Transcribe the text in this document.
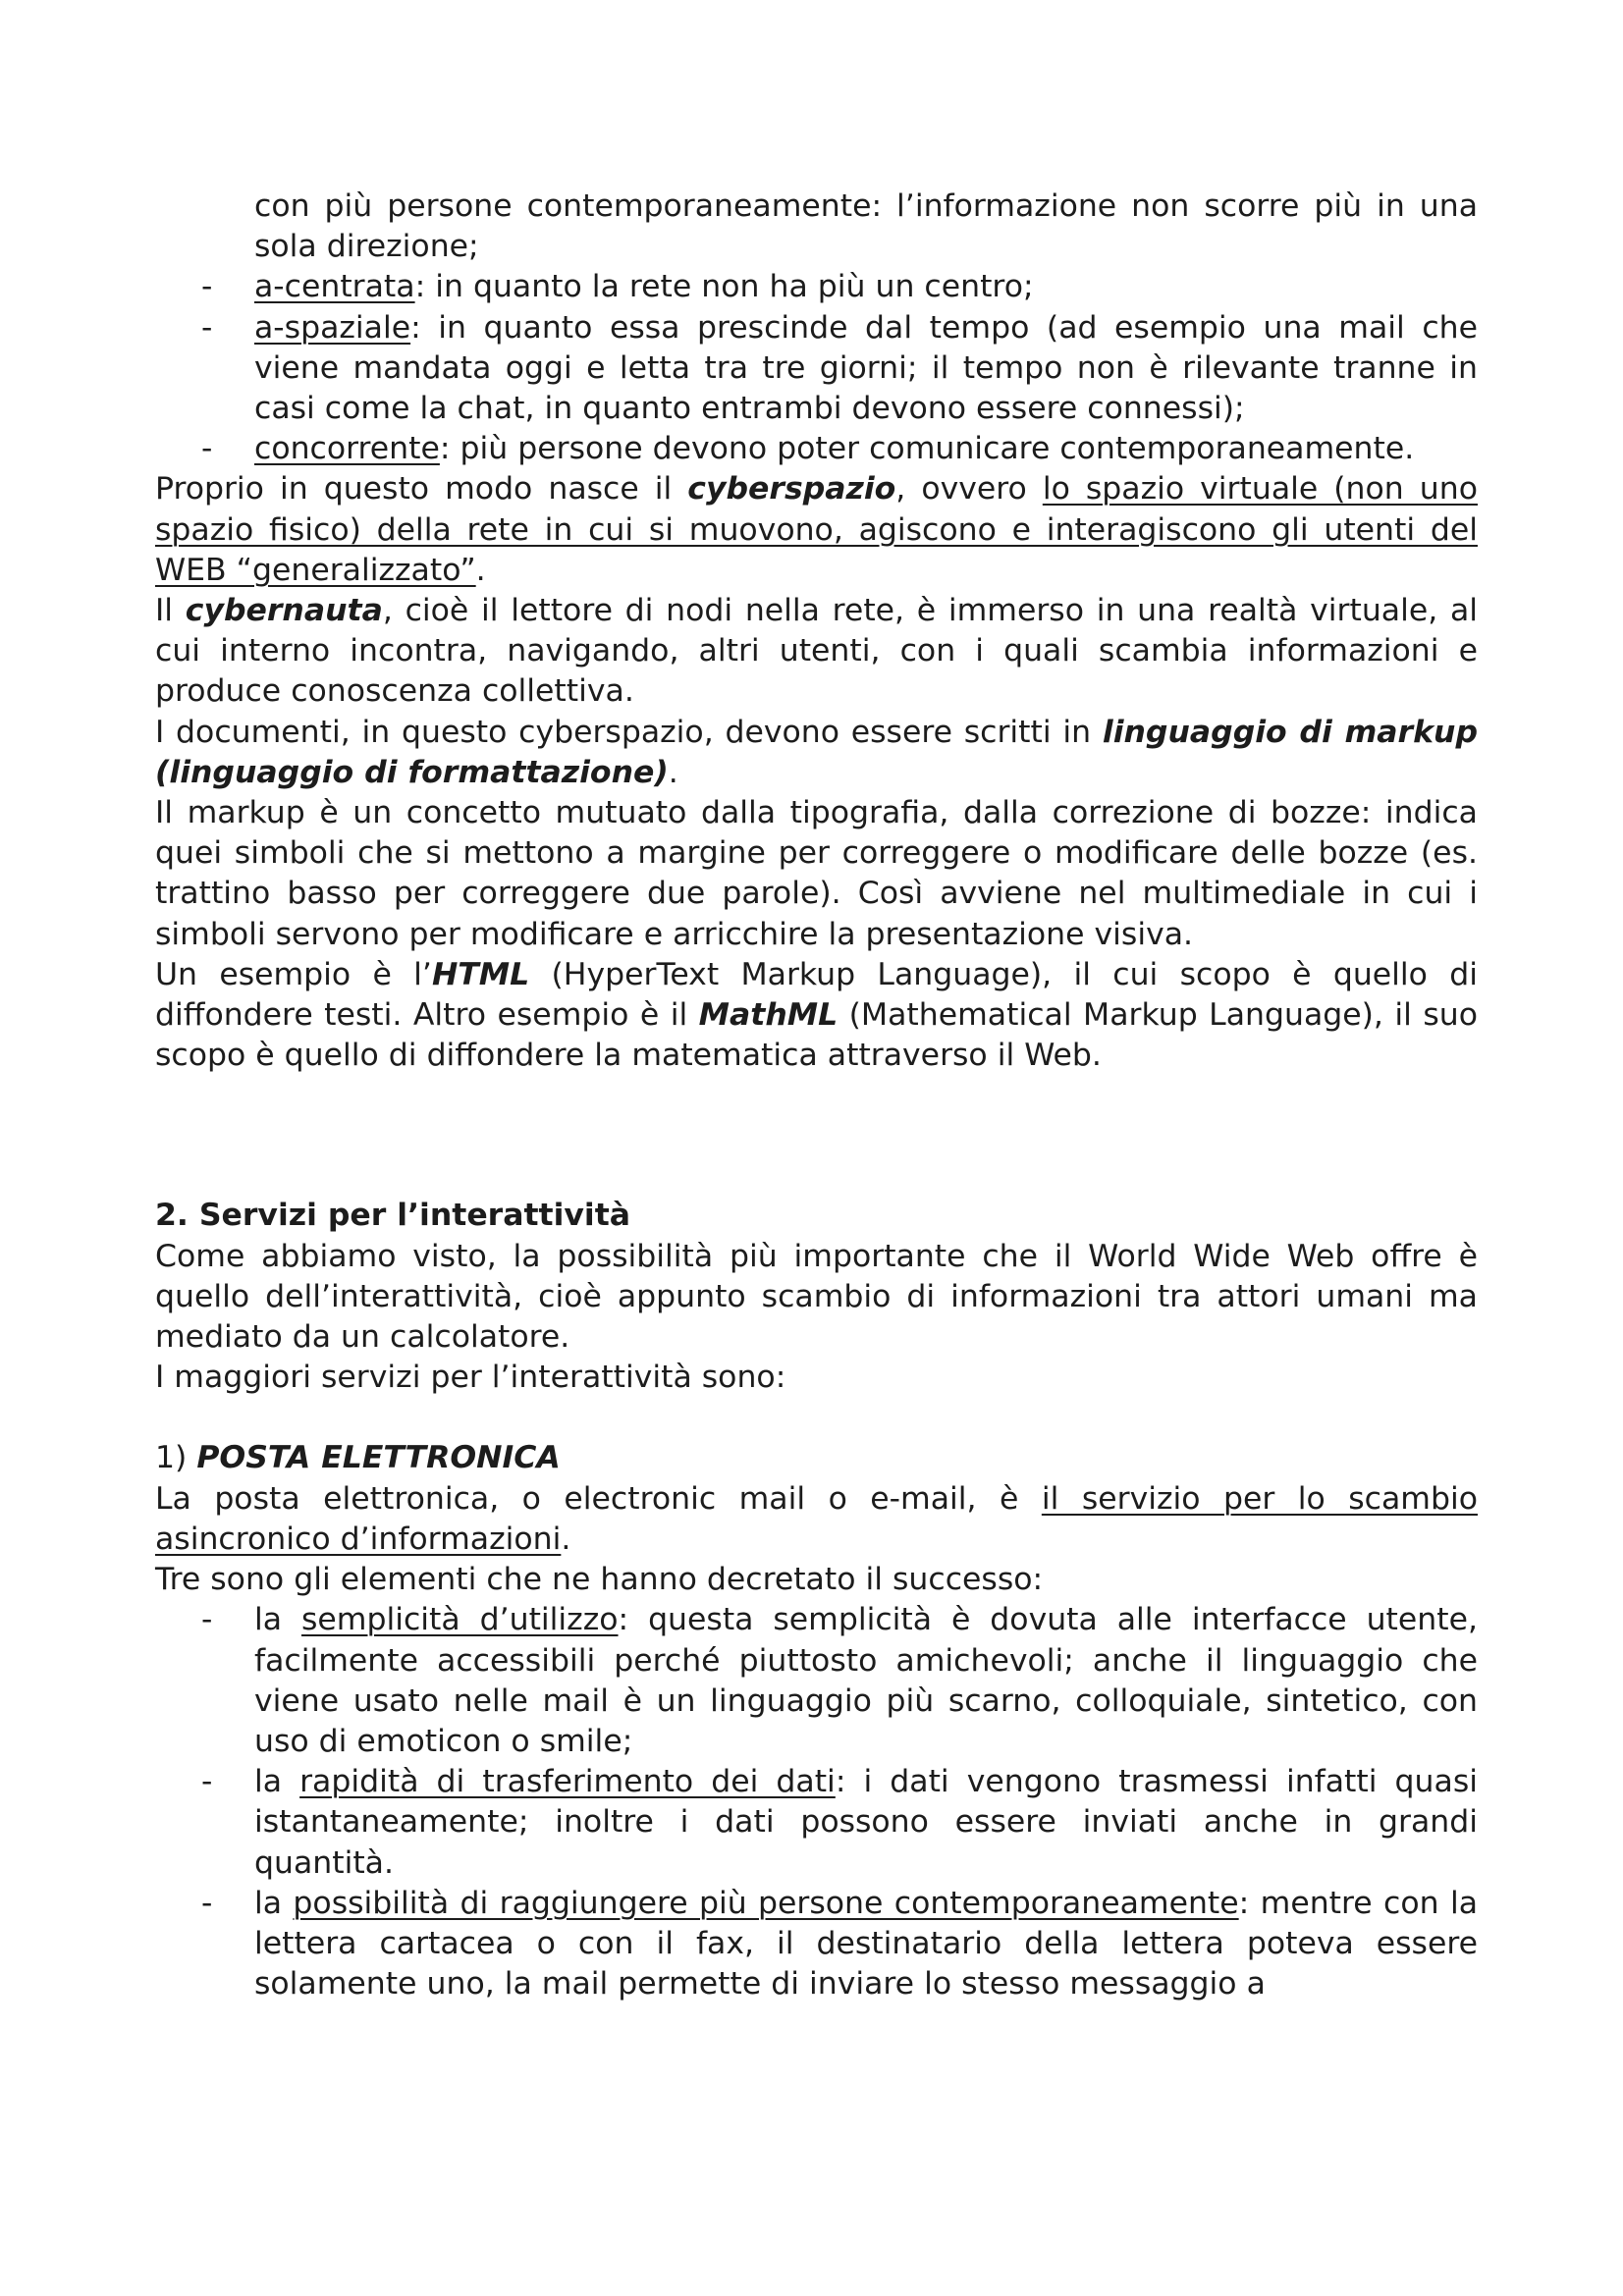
con più persone contemporaneamente: l’informazione non scorre più in una sola direzione;

- a-centrata: in quanto la rete non ha più un centro;
- a-spaziale: in quanto essa prescinde dal tempo (ad esempio una mail che viene mandata oggi e letta tra tre giorni; il tempo non è rilevante tranne in casi come la chat, in quanto entrambi devono essere connessi);
- concorrente: più persone devono poter comunicare contemporaneamente.

Proprio in questo modo nasce il cyberspazio, ovvero lo spazio virtuale (non uno spazio fisico) della rete in cui si muovono, agiscono e interagiscono gli utenti del WEB “generalizzato”.

Il cybernauta, cioè il lettore di nodi nella rete, è immerso in una realtà virtuale, al cui interno incontra, navigando, altri utenti, con i quali scambia informazioni e produce conoscenza collettiva.

I documenti, in questo cyberspazio, devono essere scritti in linguaggio di markup (linguaggio di formattazione).

Il markup è un concetto mutuato dalla tipografia, dalla correzione di bozze: indica quei simboli che si mettono a margine per correggere o modificare delle bozze (es. trattino basso per correggere due parole). Così avviene nel multimediale in cui i simboli servono per modificare e arricchire la presentazione visiva.

Un esempio è l’HTML (HyperText Markup Language), il cui scopo è quello di diffondere testi. Altro esempio è il MathML (Mathematical Markup Language), il suo scopo è quello di diffondere la matematica attraverso il Web.

2. Servizi per l’interattività

Come abbiamo visto, la possibilità più importante che il World Wide Web offre è quello dell’interattività, cioè appunto scambio di informazioni tra attori umani ma mediato da un calcolatore.

I maggiori servizi per l’interattività sono:

1) POSTA ELETTRONICA

La posta elettronica, o electronic mail o e-mail, è il servizio per lo scambio asincronico d’informazioni.

Tre sono gli elementi che ne hanno decretato il successo:

- la semplicità d’utilizzo: questa semplicità è dovuta alle interfacce utente, facilmente accessibili perché piuttosto amichevoli; anche il linguaggio che viene usato nelle mail è un linguaggio più scarno, colloquiale, sintetico, con uso di emoticon o smile;
- la rapidità di trasferimento dei dati: i dati vengono trasmessi infatti quasi istantaneamente; inoltre i dati possono essere inviati anche in grandi quantità.
- la possibilità di raggiungere più persone contemporaneamente: mentre con la lettera cartacea o con il fax, il destinatario della lettera poteva essere solamente uno, la mail permette di inviare lo stesso messaggio a
